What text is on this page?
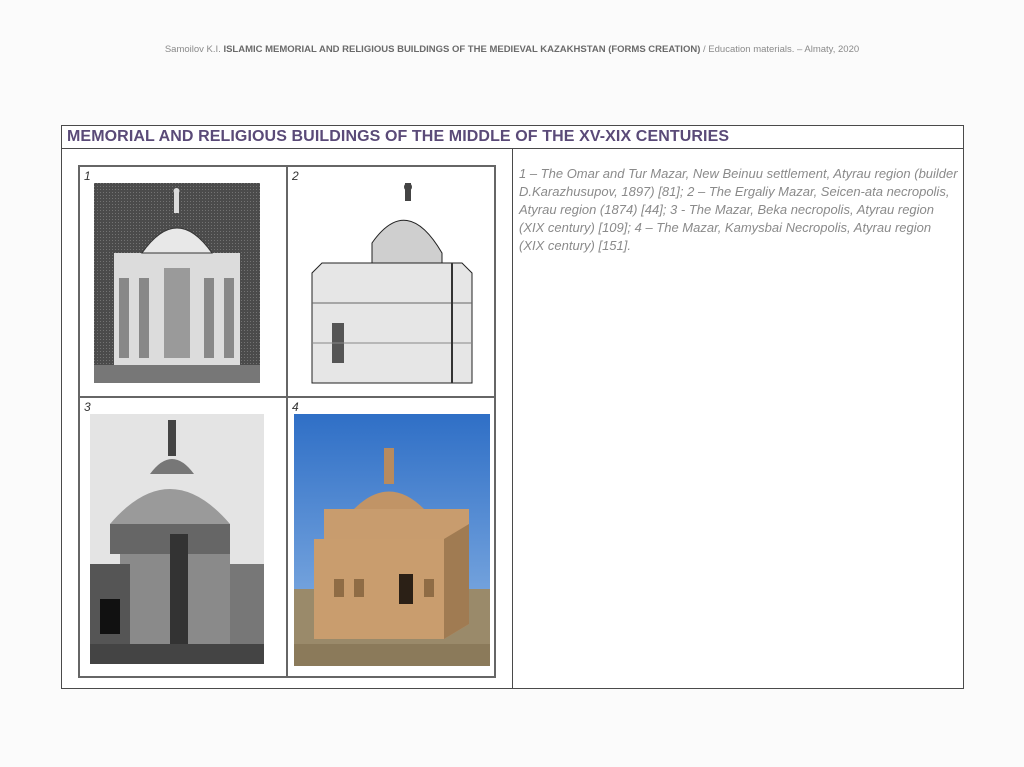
Samoilov K.I. ISLAMIC MEMORIAL AND RELIGIOUS BUILDINGS OF THE MEDIEVAL KAZAKHSTAN (FORMS CREATION) / Education materials. – Almaty, 2020
MEMORIAL AND RELIGIOUS BUILDINGS OF THE MIDDLE OF THE XV-XIX CENTURIES
1	2
3	4
1 – The Omar and Tur Mazar, New Beinuu settlement, Atyrau region (builder D.Karazhusupov, 1897) [81]; 2 – The Ergaliy Mazar, Seicen-ata necropolis, Atyrau region (1874) [44]; 3 - The Mazar, Beka necropolis, Atyrau region (XIX century) [109]; 4 – The Mazar, Kamysbai Necropolis, Atyrau region (XIX century) [151].
